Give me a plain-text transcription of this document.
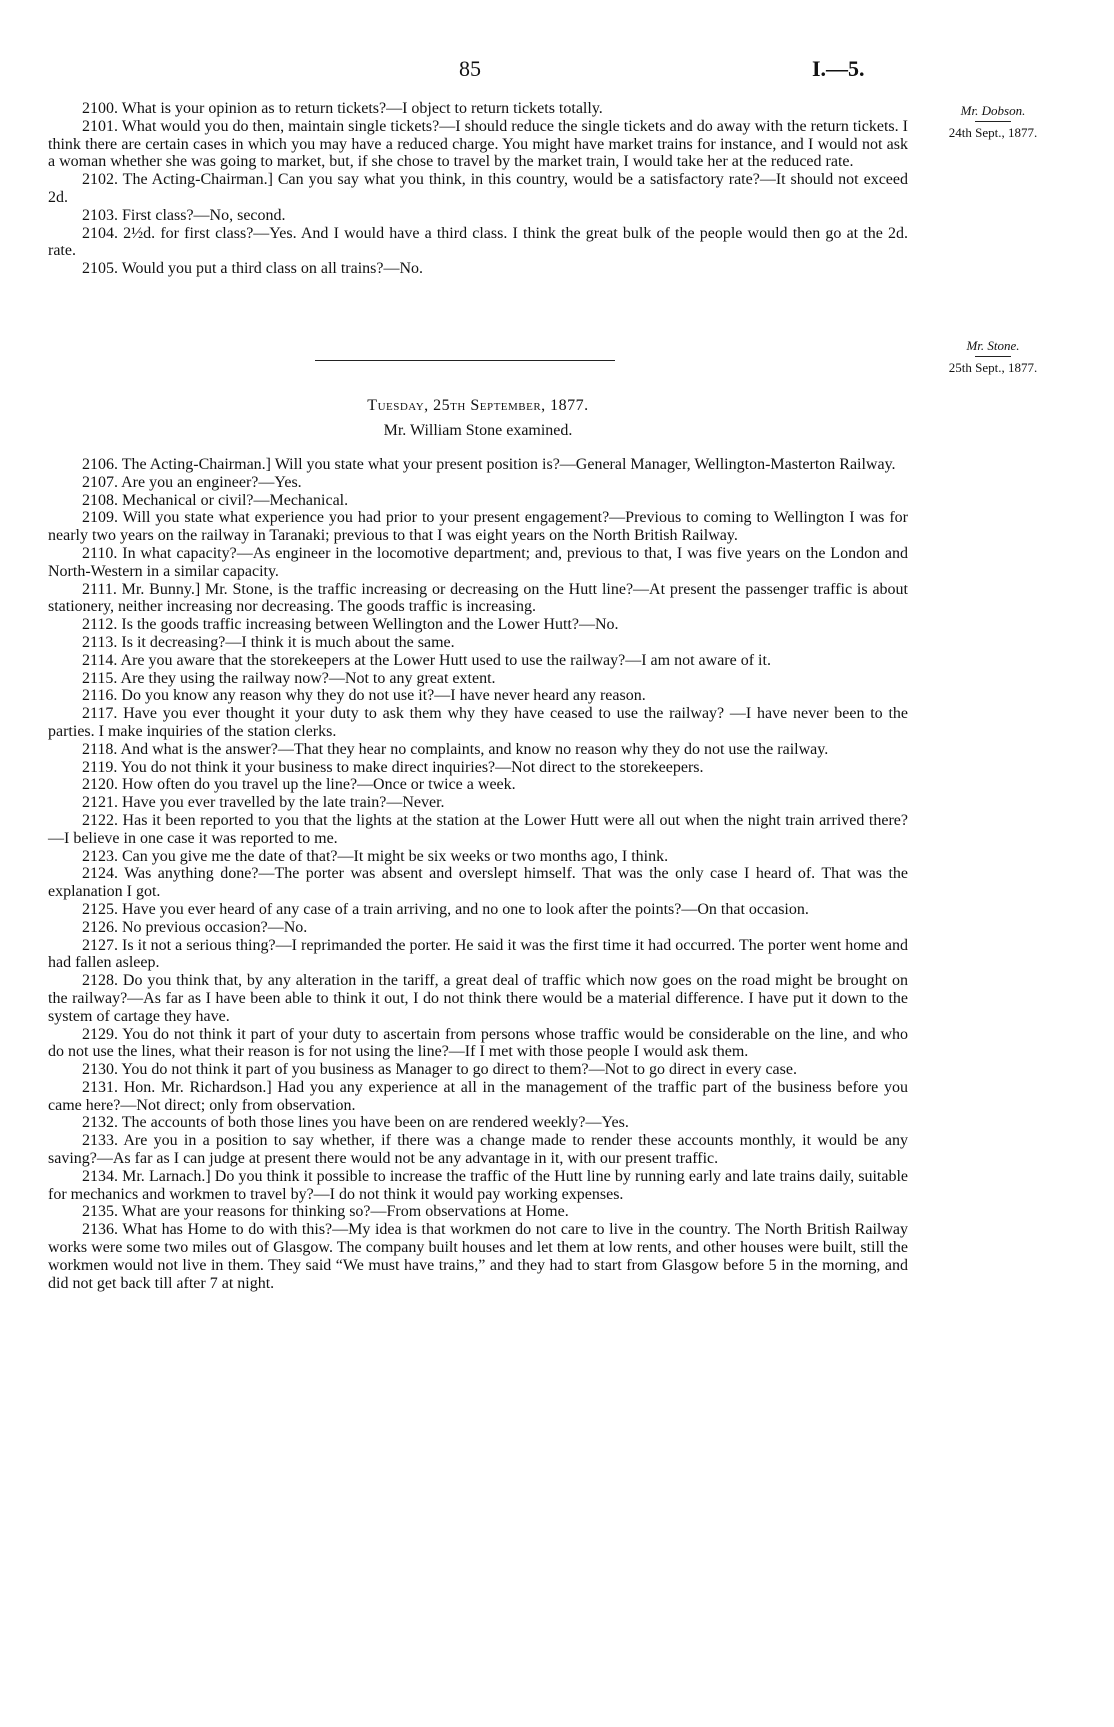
85	I.—5.
Mr. Dobson.
24th Sept., 1877.

2100. What is your opinion as to return tickets?—I object to return tickets totally.

2101. What would you do then, maintain single tickets?—I should reduce the single tickets and do away with the return tickets. I think there are certain cases in which you may have a reduced charge. You might have market trains for instance, and I would not ask a woman whether she was going to market, but, if she chose to travel by the market train, I would take her at the reduced rate.

2102. The Acting-Chairman.] Can you say what you think, in this country, would be a satisfactory rate?—It should not exceed 2d.

2103. First class?—No, second.

2104. 2½d. for first class?—Yes. And I would have a third class. I think the great bulk of the people would then go at the 2d. rate.

2105. Would you put a third class on all trains?—No.

Mr. Stone.
25th Sept., 1877.
Tuesday, 25th September, 1877.
Mr. William Stone examined.

2106. The Acting-Chairman.] Will you state what your present position is?—General Manager, Wellington-Masterton Railway.

2107. Are you an engineer?—Yes.

2108. Mechanical or civil?—Mechanical.

2109. Will you state what experience you had prior to your present engagement?—Previous to coming to Wellington I was for nearly two years on the railway in Taranaki; previous to that I was eight years on the North British Railway.

2110. In what capacity?—As engineer in the locomotive department; and, previous to that, I was five years on the London and North-Western in a similar capacity.

2111. Mr. Bunny.] Mr. Stone, is the traffic increasing or decreasing on the Hutt line?—At present the passenger traffic is about stationery, neither increasing nor decreasing. The goods traffic is increasing.

2112. Is the goods traffic increasing between Wellington and the Lower Hutt?—No.

2113. Is it decreasing?—I think it is much about the same.

2114. Are you aware that the storekeepers at the Lower Hutt used to use the railway?—I am not aware of it.

2115. Are they using the railway now?—Not to any great extent.

2116. Do you know any reason why they do not use it?—I have never heard any reason.

2117. Have you ever thought it your duty to ask them why they have ceased to use the railway? —I have never been to the parties. I make inquiries of the station clerks.

2118. And what is the answer?—That they hear no complaints, and know no reason why they do not use the railway.

2119. You do not think it your business to make direct inquiries?—Not direct to the storekeepers.

2120. How often do you travel up the line?—Once or twice a week.

2121. Have you ever travelled by the late train?—Never.

2122. Has it been reported to you that the lights at the station at the Lower Hutt were all out when the night train arrived there?—I believe in one case it was reported to me.

2123. Can you give me the date of that?—It might be six weeks or two months ago, I think.

2124. Was anything done?—The porter was absent and overslept himself. That was the only case I heard of. That was the explanation I got.

2125. Have you ever heard of any case of a train arriving, and no one to look after the points?—On that occasion.

2126. No previous occasion?—No.

2127. Is it not a serious thing?—I reprimanded the porter. He said it was the first time it had occurred. The porter went home and had fallen asleep.

2128. Do you think that, by any alteration in the tariff, a great deal of traffic which now goes on the road might be brought on the railway?—As far as I have been able to think it out, I do not think there would be a material difference. I have put it down to the system of cartage they have.

2129. You do not think it part of your duty to ascertain from persons whose traffic would be considerable on the line, and who do not use the lines, what their reason is for not using the line?—If I met with those people I would ask them.

2130. You do not think it part of you business as Manager to go direct to them?—Not to go direct in every case.

2131. Hon. Mr. Richardson.] Had you any experience at all in the management of the traffic part of the business before you came here?—Not direct; only from observation.

2132. The accounts of both those lines you have been on are rendered weekly?—Yes.

2133. Are you in a position to say whether, if there was a change made to render these accounts monthly, it would be any saving?—As far as I can judge at present there would not be any advantage in it, with our present traffic.

2134. Mr. Larnach.] Do you think it possible to increase the traffic of the Hutt line by running early and late trains daily, suitable for mechanics and workmen to travel by?—I do not think it would pay working expenses.

2135. What are your reasons for thinking so?—From observations at Home.

2136. What has Home to do with this?—My idea is that workmen do not care to live in the country. The North British Railway works were some two miles out of Glasgow. The company built houses and let them at low rents, and other houses were built, still the workmen would not live in them. They said “We must have trains,” and they had to start from Glasgow before 5 in the morning, and did not get back till after 7 at night.
